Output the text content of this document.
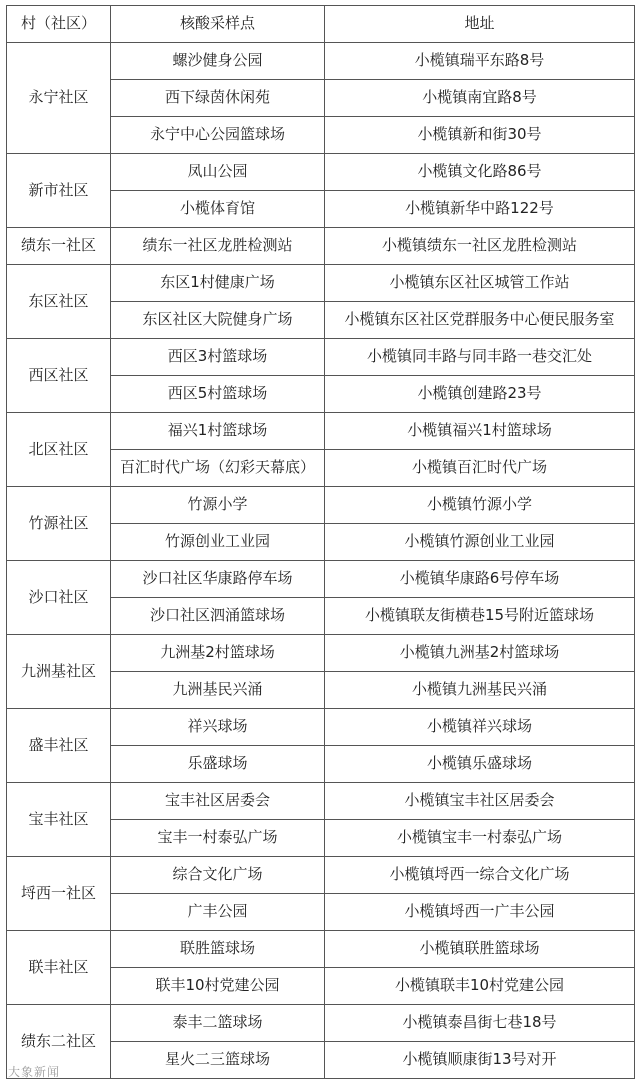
村（社区）	核酸采样点	地址
永宁社区	螺沙健身公园	小榄镇瑞平东路8号
	西下绿茵休闲苑	小榄镇南宜路8号
	永宁中心公园篮球场	小榄镇新和街30号
新市社区	凤山公园	小榄镇文化路86号
	小榄体育馆	小榄镇新华中路122号
绩东一社区	绩东一社区龙胜检测站	小榄镇绩东一社区龙胜检测站
东区社区	东区1村健康广场	小榄镇东区社区城管工作站
	东区社区大院健身广场	小榄镇东区社区党群服务中心便民服务室
西区社区	西区3村篮球场	小榄镇同丰路与同丰路一巷交汇处
	西区5村篮球场	小榄镇创建路23号
北区社区	福兴1村篮球场	小榄镇福兴1村篮球场
	百汇时代广场（幻彩天幕底）	小榄镇百汇时代广场
竹源社区	竹源小学	小榄镇竹源小学
	竹源创业工业园	小榄镇竹源创业工业园
沙口社区	沙口社区华康路停车场	小榄镇华康路6号停车场
	沙口社区泗涌篮球场	小榄镇联友街横巷15号附近篮球场
九洲基社区	九洲基2村篮球场	小榄镇九洲基2村篮球场
	九洲基民兴涌	小榄镇九洲基民兴涌
盛丰社区	祥兴球场	小榄镇祥兴球场
	乐盛球场	小榄镇乐盛球场
宝丰社区	宝丰社区居委会	小榄镇宝丰社区居委会
	宝丰一村泰弘广场	小榄镇宝丰一村泰弘广场
埒西一社区	综合文化广场	小榄镇埒西一综合文化广场
	广丰公园	小榄镇埒西一广丰公园
联丰社区	联胜篮球场	小榄镇联胜篮球场
	联丰10村党建公园	小榄镇联丰10村党建公园
绩东二社区	泰丰二篮球场	小榄镇泰昌街七巷18号
	星火二三篮球场	小榄镇顺康街13号对开
大象新闻
